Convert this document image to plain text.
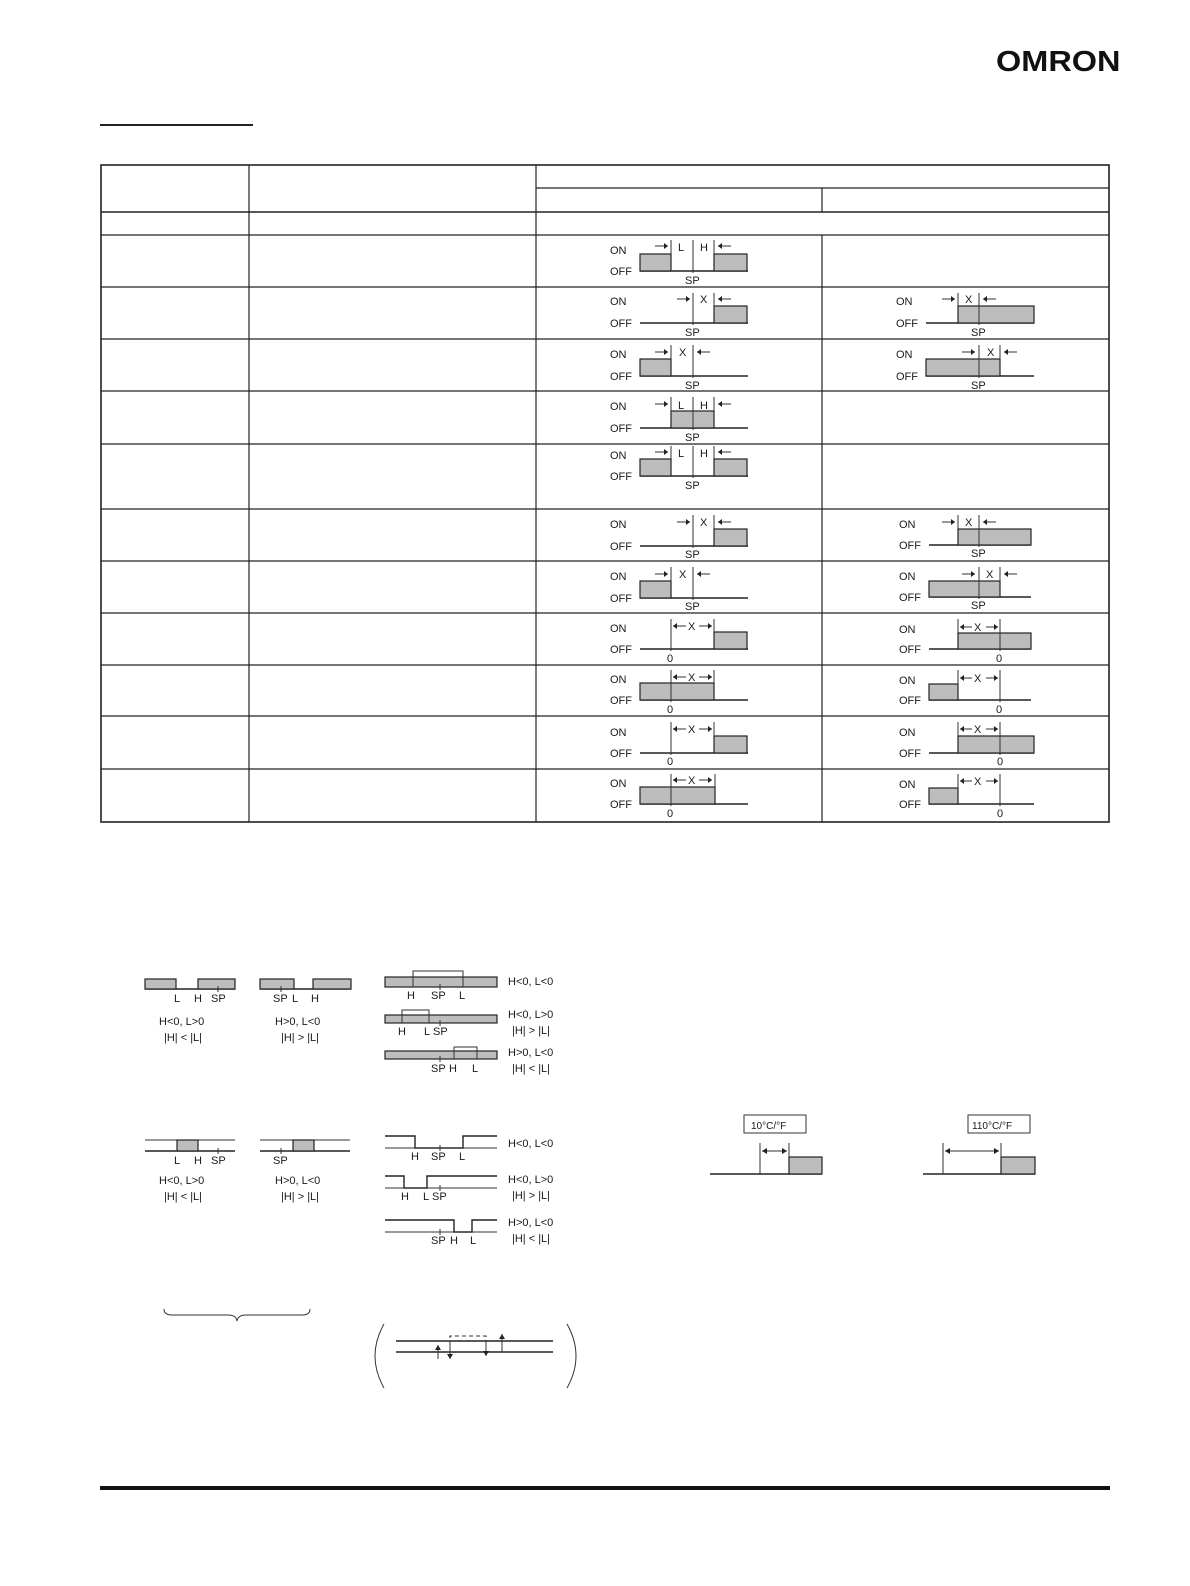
OMRON
ON
OFF
L H
SP
ON
OFF
X
SP
ON
OFF
X
SP
ON
OFF
X
SP
ON
OFF
X
SP
ON
OFF
L H
SP
ON
OFF
L H
SP
ON
OFF
X
SP
ON
OFF
X
SP
ON
OFF
X
SP
ON
OFF
X
SP
ON
OFF
X
0
ON
OFF
X
0
ON
OFF
X
0
ON
OFF
X
0
ON
OFF
X
0
ON
OFF
X
0
ON
OFF
X
0
ON
OFF
X
0
L H SP
H<0, L>0
|H| < |L|
SP L H
H>0, L<0
|H| > |L|
H SP L
H<0, L<0
H L SP
H<0, L>0
|H| > |L|
SP H L
H>0, L<0
|H| < |L|
L H SP
H<0, L>0
|H| < |L|
SP
H>0, L<0
|H| > |L|
H SP L
H<0, L<0
H L SP
H<0, L>0
|H| > |L|
SP H L
H>0, L<0
|H| < |L|
10°C/°F	110°C/°F
